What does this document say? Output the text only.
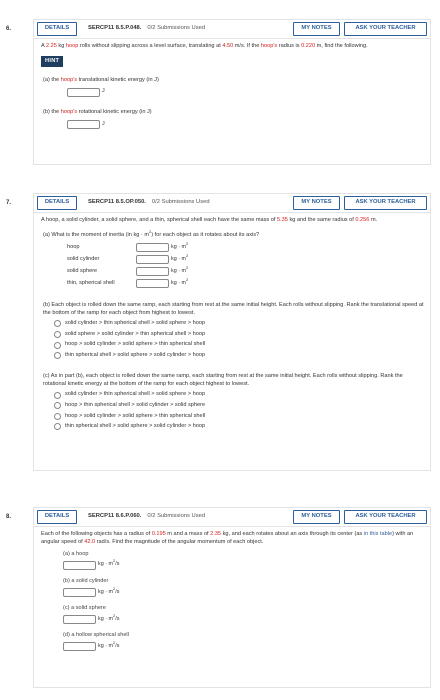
6.	DETAILS	SERCP11 8.5.P.048. 0/2 Submissions Used	MY NOTES	ASK YOUR TEACHER
A 2.25 kg hoop rolls without slipping across a level surface, translating at 4.50 m/s. If the hoop's radius is 0.220 m, find the following.
HINT
(a) the hoop's translational kinetic energy (in J)
J
(b) the hoop's rotational kinetic energy (in J)
J
7.	DETAILS	SERCP11 8.5.OP.050. 0/2 Submissions Used	MY NOTES	ASK YOUR TEACHER
A hoop, a solid cylinder, a solid sphere, and a thin, spherical shell each have the same mass of 5.35 kg and the same radius of 0.256 m.
(a) What is the moment of inertia (in kg · $m^2$) for each object as it rotates about its axis?
hoop	kg · $m^2$
solid cylinder	kg · $m^2$
solid sphere	kg · $m^2$
thin, spherical shell	kg · $m^2$
(b) Each object is rolled down the same ramp, each starting from rest at the same initial height. Each rolls without slipping. Rank the translational speed at the bottom of the ramp for each object from highest to lowest.
solid cylinder > thin spherical shell > solid sphere > hoop
solid sphere > solid cylinder > thin spherical shell > hoop
hoop > solid cylinder > solid sphere > thin spherical shell
thin spherical shell > solid sphere > solid cylinder > hoop
(c) As in part (b), each object is rolled down the same ramp, each starting from rest at the same initial height. Each rolls without slipping. Rank the rotational kinetic energy at the bottom of the ramp for each object highest to lowest.
solid cylinder > thin spherical shell > solid sphere > hoop
hoop > thin spherical shell > solid cylinder > solid sphere
hoop > solid cylinder > solid sphere > thin spherical shell
thin spherical shell > solid sphere > solid cylinder > hoop
8.	DETAILS	SERCP11 8.6.P.060. 0/2 Submissions Used	MY NOTES	ASK YOUR TEACHER
Each of the following objects has a radius of 0.195 m and a mass of 2.35 kg, and each rotates about an axis through its center (as in this table) with an angular speed of 42.0 rad/s. Find the magnitude of the angular momentum of each object.
(a) a hoop
kg · $m^2/s$
(b) a solid cylinder
kg · $m^2/s$
(c) a solid sphere
kg · $m^2/s$
(d) a hollow spherical shell
kg · $m^2/s$
